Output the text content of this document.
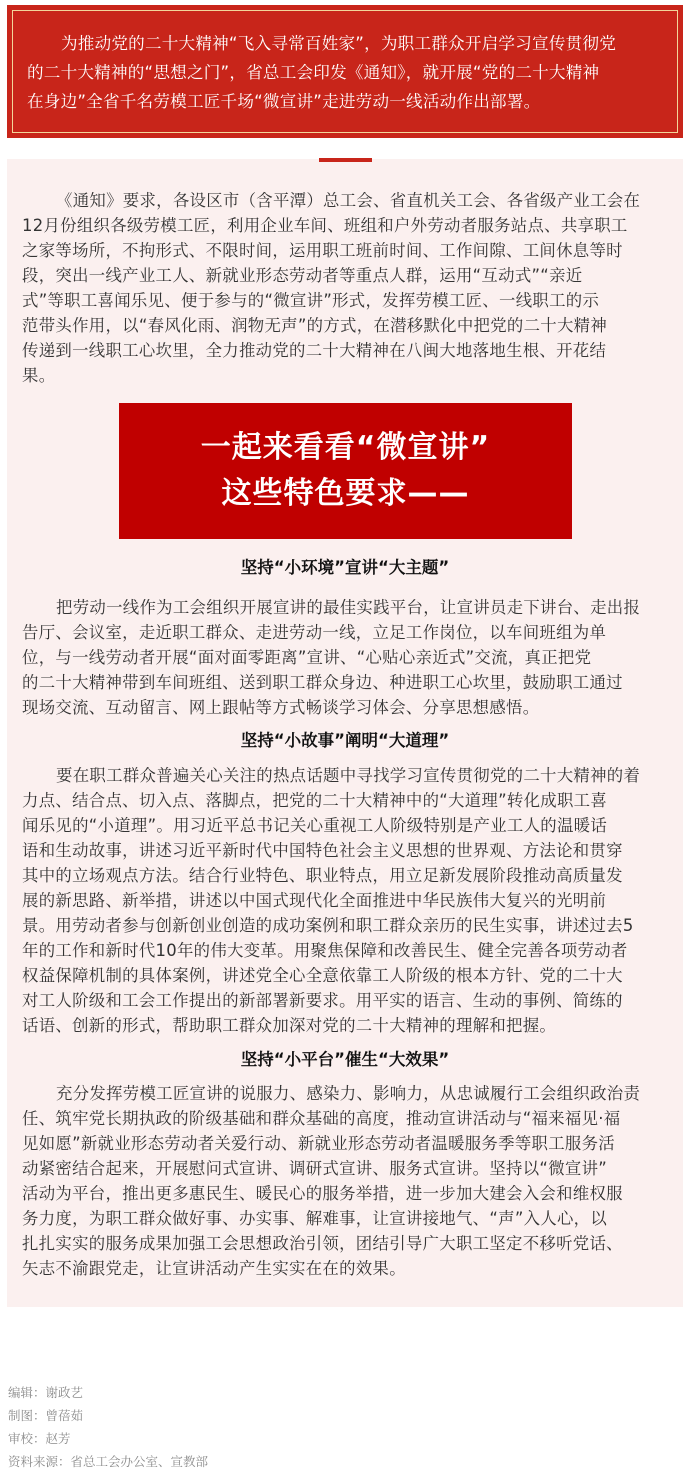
为推动党的二十大精神“飞入寻常百姓家”，为职工群众开启学习宣传贯彻党
的二十大精神的“思想之门”，省总工会印发《通知》，就开展“党的二十大精神
在身边”全省千名劳模工匠千场“微宣讲”走进劳动一线活动作出部署。
《通知》要求，各设区市（含平潭）总工会、省直机关工会、各省级产业工会在
12月份组织各级劳模工匠，利用企业车间、班组和户外劳动者服务站点、共享职工
之家等场所，不拘形式、不限时间，运用职工班前时间、工作间隙、工间休息等时
段，突出一线产业工人、新就业形态劳动者等重点人群，运用“互动式”“亲近
式”等职工喜闻乐见、便于参与的“微宣讲”形式，发挥劳模工匠、一线职工的示
范带头作用，以“春风化雨、润物无声”的方式，在潜移默化中把党的二十大精神
传递到一线职工心坎里，全力推动党的二十大精神在八闽大地落地生根、开花结
果。
一起来看看“微宣讲”
这些特色要求——
坚持“小环境”宣讲“大主题”
把劳动一线作为工会组织开展宣讲的最佳实践平台，让宣讲员走下讲台、走出报
告厅、会议室，走近职工群众、走进劳动一线，立足工作岗位，以车间班组为单
位，与一线劳动者开展“面对面零距离”宣讲、“心贴心亲近式”交流，真正把党
的二十大精神带到车间班组、送到职工群众身边、种进职工心坎里，鼓励职工通过
现场交流、互动留言、网上跟帖等方式畅谈学习体会、分享思想感悟。
坚持“小故事”阐明“大道理”
要在职工群众普遍关心关注的热点话题中寻找学习宣传贯彻党的二十大精神的着
力点、结合点、切入点、落脚点，把党的二十大精神中的“大道理”转化成职工喜
闻乐见的“小道理”。用习近平总书记关心重视工人阶级特别是产业工人的温暖话
语和生动故事，讲述习近平新时代中国特色社会主义思想的世界观、方法论和贯穿
其中的立场观点方法。结合行业特色、职业特点，用立足新发展阶段推动高质量发
展的新思路、新举措，讲述以中国式现代化全面推进中华民族伟大复兴的光明前
景。用劳动者参与创新创业创造的成功案例和职工群众亲历的民生实事，讲述过去5
年的工作和新时代10年的伟大变革。用聚焦保障和改善民生、健全完善各项劳动者
权益保障机制的具体案例，讲述党全心全意依靠工人阶级的根本方针、党的二十大
对工人阶级和工会工作提出的新部署新要求。用平实的语言、生动的事例、简练的
话语、创新的形式，帮助职工群众加深对党的二十大精神的理解和把握。
坚持“小平台”催生“大效果”
充分发挥劳模工匠宣讲的说服力、感染力、影响力，从忠诚履行工会组织政治责
任、筑牢党长期执政的阶级基础和群众基础的高度，推动宣讲活动与“福来福见·福
见如愿”新就业形态劳动者关爱行动、新就业形态劳动者温暖服务季等职工服务活
动紧密结合起来，开展慰问式宣讲、调研式宣讲、服务式宣讲。坚持以“微宣讲”
活动为平台，推出更多惠民生、暖民心的服务举措，进一步加大建会入会和维权服
务力度，为职工群众做好事、办实事、解难事，让宣讲接地气、“声”入人心，以
扎扎实实的服务成果加强工会思想政治引领，团结引导广大职工坚定不移听党话、
矢志不渝跟党走，让宣讲活动产生实实在在的效果。
编辑：谢政艺
制图：曾蓓茹
审校：赵芳
资料来源：省总工会办公室、宣教部
